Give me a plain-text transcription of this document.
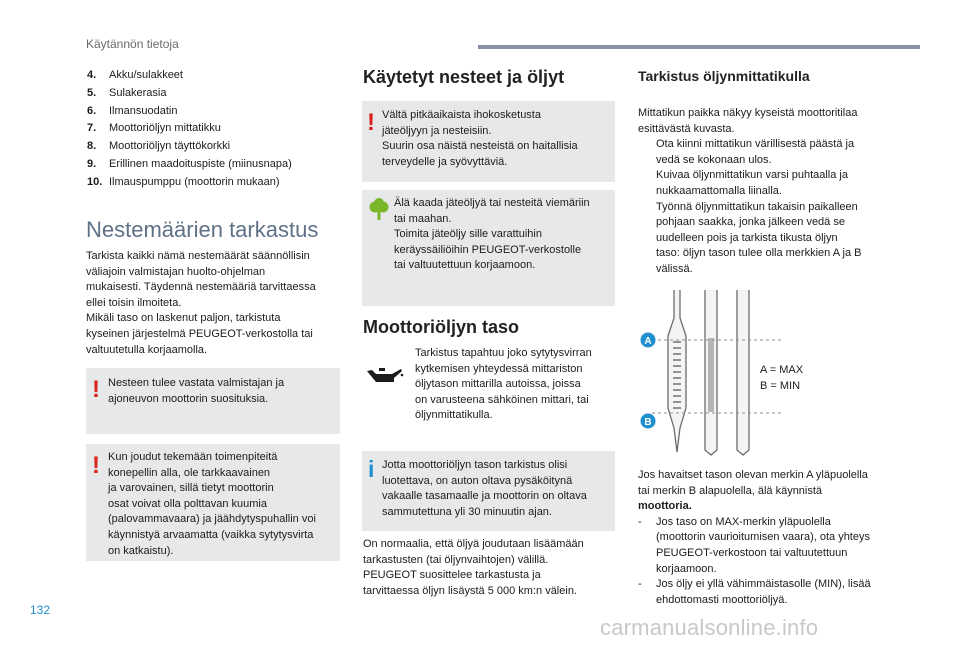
Käytännön tietoja
4. Akku/sulakkeet
5. Sulakerasia
6. Ilmansuodatin
7. Moottoriöljyn mittatikku
8. Moottoriöljyn täyttökorkki
9. Erillinen maadoituspiste (miinusnapa)
10. Ilmauspumppu (moottorin mukaan)
Nestemäärien tarkastus
Tarkista kaikki nämä nestemäärät säännöllisin
väliajoin valmistajan huolto-ohjelman
mukaisesti. Täydennä nestemääriä tarvittaessa
ellei toisin ilmoiteta.
Mikäli taso on laskenut paljon, tarkistuta
kyseinen järjestelmä PEUGEOT-verkostolla tai
valtuutetulla korjaamolla.
! Nesteen tulee vastata valmistajan ja
ajoneuvon moottorin suosituksia.
! Kun joudut tekemään toimenpiteitä
konepellin alla, ole tarkkaavainen
ja varovainen, sillä tietyt moottorin
osat voivat olla polttavan kuumia
(palovammavaara) ja jäähdytyspuhallin voi
käynnistyä arvaamatta (vaikka sytytysvirta
on katkaistu).
Käytetyt nesteet ja öljyt
! Vältä pitkäaikaista ihokosketusta
jäteöljyyn ja nesteisiin.
Suurin osa näistä nesteistä on haitallisia
terveydelle ja syövyttäviä.
Älä kaada jäteöljyä tai nesteitä viemäriin
tai maahan.
Toimita jäteöljy sille varattuihin
keräyssäiliöihin PEUGEOT-verkostolle
tai valtuutettuun korjaamoon.
Moottoriöljyn taso
Tarkistus tapahtuu joko sytytysvirran
kytkemisen yhteydessä mittariston
öljytason mittarilla autoissa, joissa
on varusteena sähköinen mittari, tai
öljynmittatikulla.
i Jotta moottoriöljyn tason tarkistus olisi
luotettava, on auton oltava pysäköitynä
vakaalle tasamaalle ja moottorin on oltava
sammutettuna yli 30 minuutin ajan.
On normaalia, että öljyä joudutaan lisäämään
tarkastusten (tai öljynvaihtojen) välillä.
PEUGEOT suosittelee tarkastusta ja
tarvittaessa öljyn lisäystä 5 000 km:n välein.
Tarkistus öljynmittatikulla
Mittatikun paikka näkyy kyseistä moottoritilaa
esittävästä kuvasta.
Ota kiinni mittatikun värillisestä päästä ja
vedä se kokonaan ulos.
Kuivaa öljynmittatikun varsi puhtaalla ja
nukkaamattomalla liinalla.
Työnnä öljynmittatikun takaisin paikalleen
pohjaan saakka, jonka jälkeen vedä se
uudelleen pois ja tarkista tikusta öljyn
taso: öljyn tason tulee olla merkkien A ja B
välissä.
A
B
A = MAX
B = MIN
Jos havaitset tason olevan merkin A yläpuolella
tai merkin B alapuolella, älä käynnistä
moottoria.
- Jos taso on MAX-merkin yläpuolella
(moottorin vaurioitumisen vaara), ota yhteys
PEUGEOT-verkostoon tai valtuutettuun
korjaamoon.
- Jos öljy ei yllä vähimmäistasolle (MIN), lisää
ehdottomasti moottoriöljyä.
132
carmanualsonline.info
